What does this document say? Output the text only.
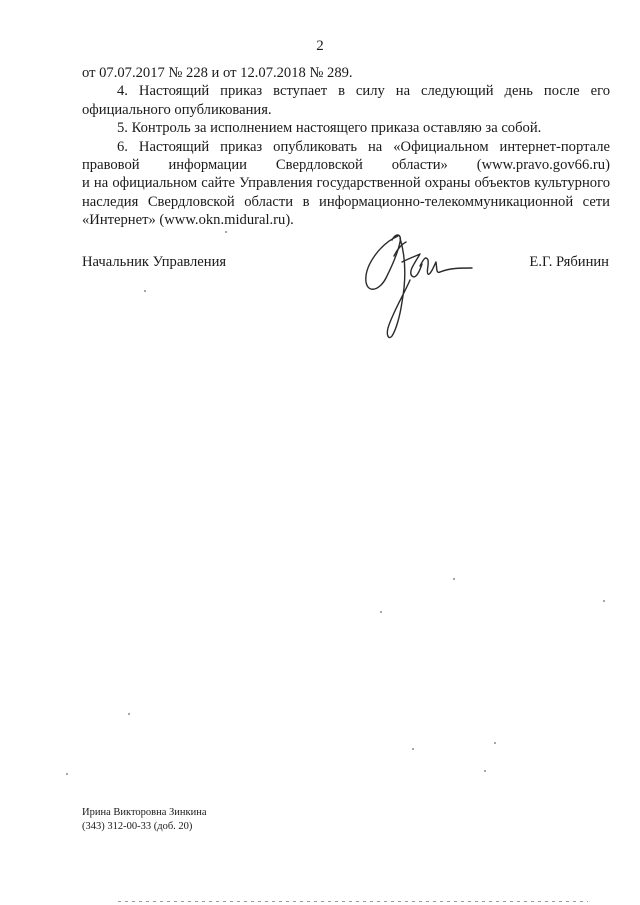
2

от 07.07.2017 № 228 и от 12.07.2018 № 289.

4. Настоящий приказ вступает в силу на следующий день после его

официального опубликования.

5. Контроль за исполнением настоящего приказа оставляю за собой.

6. Настоящий приказ опубликовать на «Официальном интернет-портале

правовой информации Свердловской области» (www.pravo.gov66.ru)

и на официальном сайте Управления государственной охраны объектов культурного

наследия Свердловской области в информационно-телекоммуникационной сети

«Интернет» (www.okn.midural.ru).

Начальник Управления	Е.Г. Рябинин
Ирина Викторовна Зинкина
(343) 312-00-33 (доб. 20)
